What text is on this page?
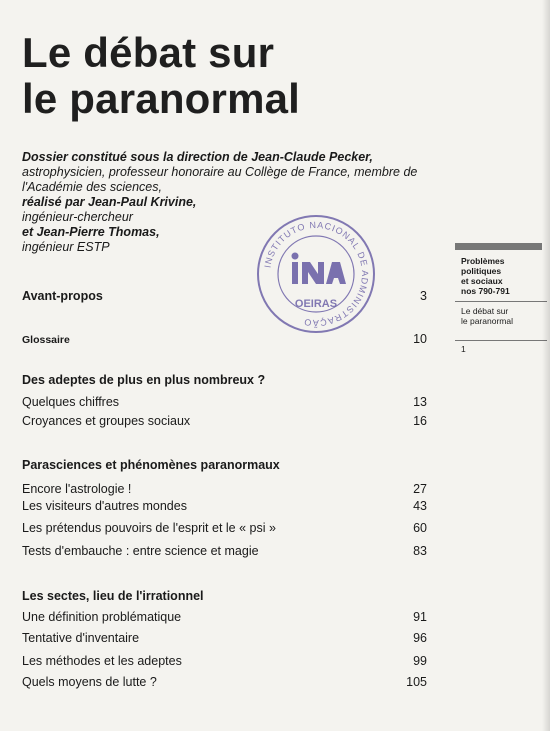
Le débat sur
le paranormal
Dossier constitué sous la direction de Jean-Claude Pecker,
astrophysicien, professeur honoraire au Collège de France, membre de
l'Académie des sciences,
réalisé par Jean-Paul Krivine,
ingénieur-chercheur
et Jean-Pierre Thomas,
ingénieur ESTP
INSTITUTO NACIONAL DE ADMINISTRAÇÃO
OEIRAS
Problèmes
politiques
et sociaux
nos 790-791
Le débat sur
le paranormal
1
Avant-propos	3
Glossaire	10
Des adeptes de plus en plus nombreux ?
Quelques chiffres	13
Croyances et groupes sociaux	16
Parasciences et phénomènes paranormaux
Encore l'astrologie !	27
Les visiteurs d'autres mondes	43
Les prétendus pouvoirs de l'esprit et le « psi »	60
Tests d'embauche : entre science et magie	83
Les sectes, lieu de l'irrationnel
Une définition problématique	91
Tentative d'inventaire	96
Les méthodes et les adeptes	99
Quels moyens de lutte ?	105
